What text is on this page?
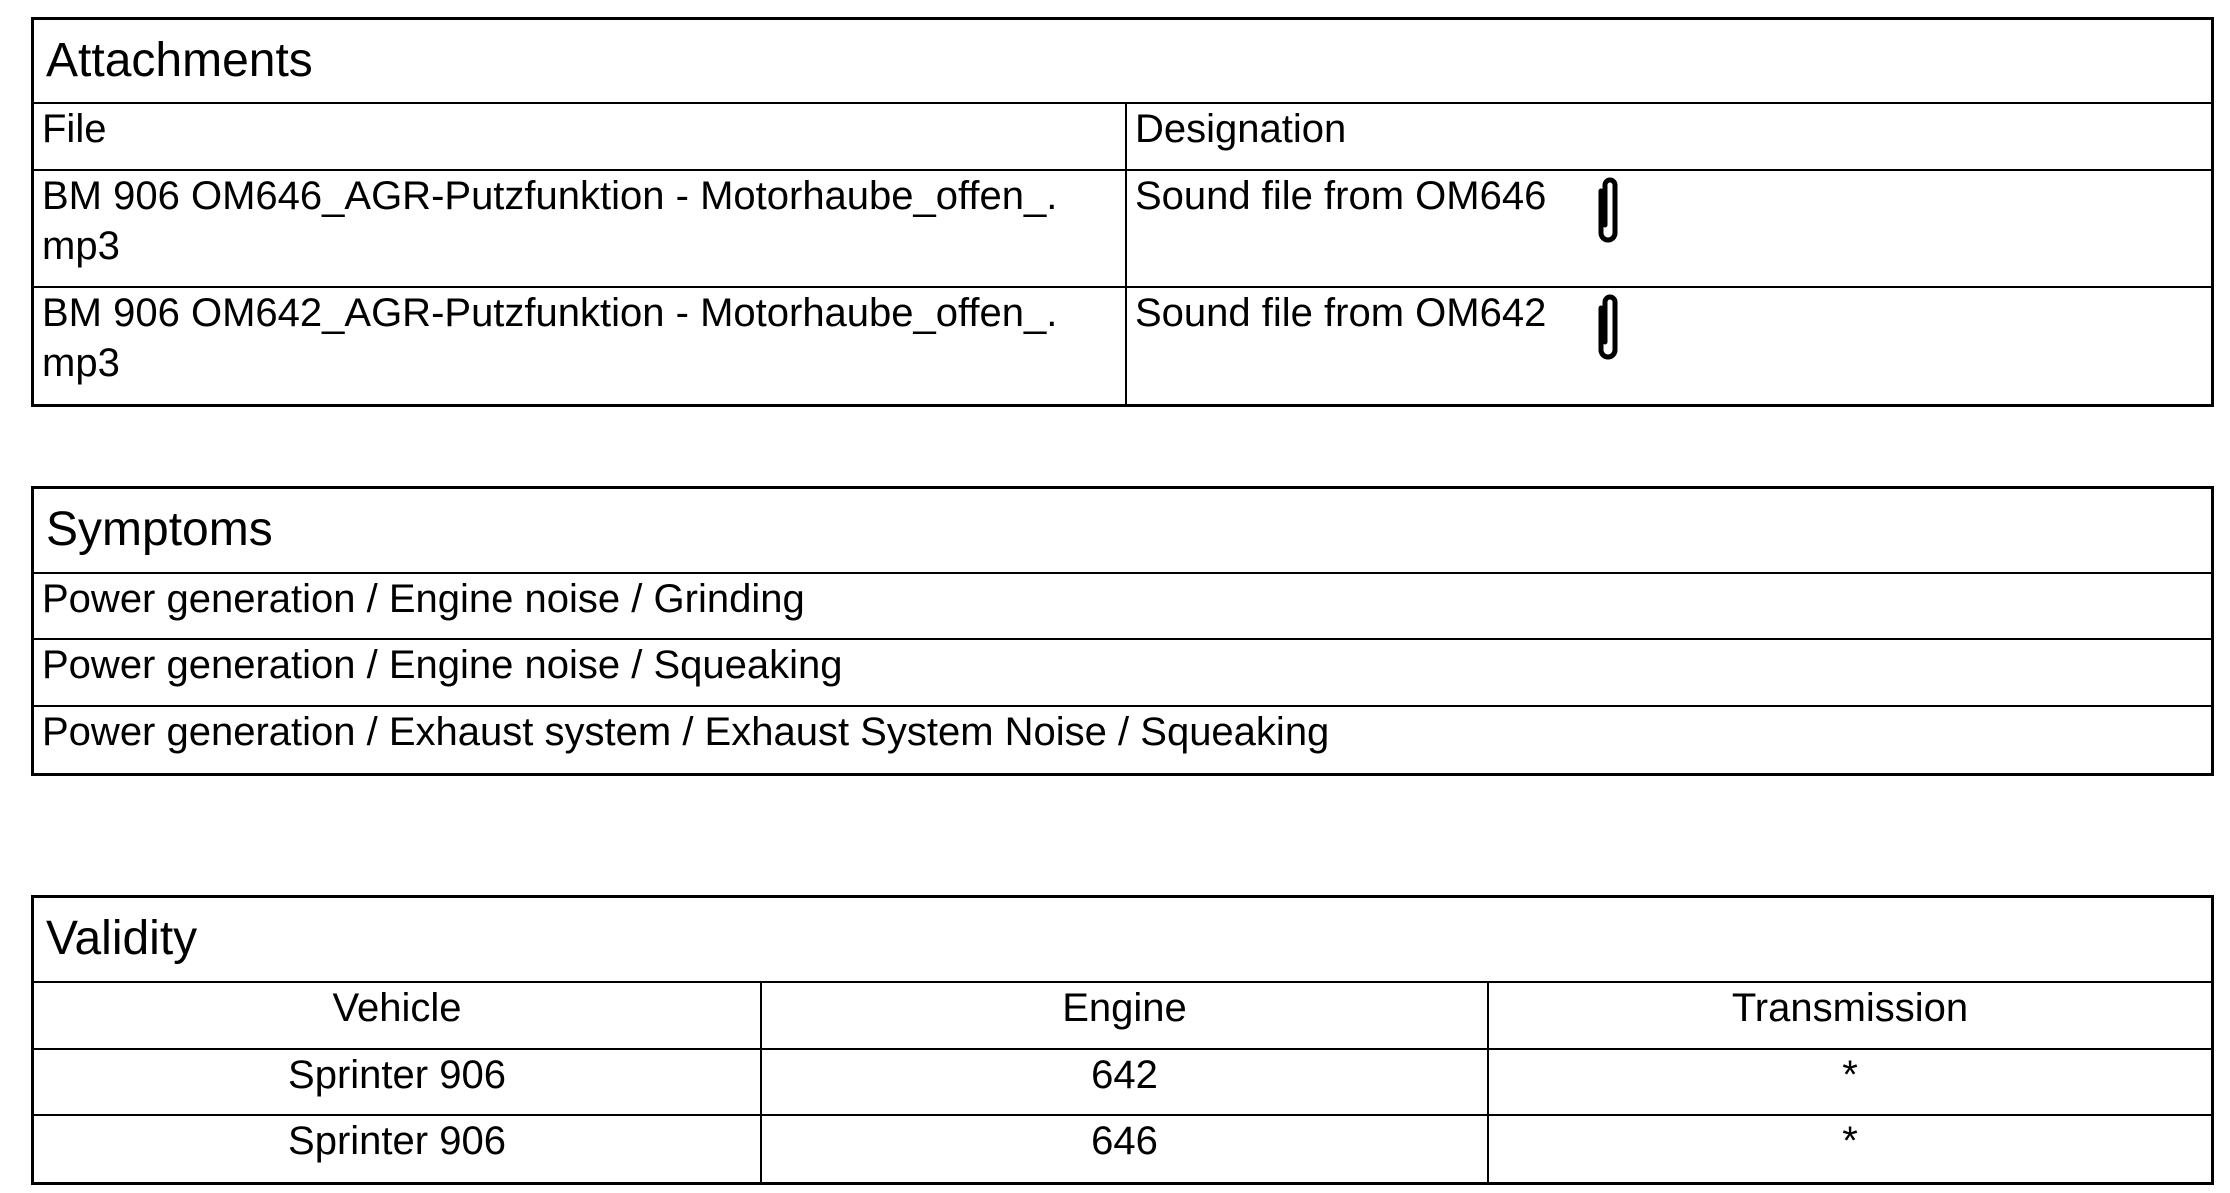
Attachments	
File	Designation

BM 906 OM646_AGR-Putzfunktion - Motorhaube_offen_.
mp3	Sound file from OM646

BM 906 OM642_AGR-Putzfunktion - Motorhaube_offen_.
mp3	Sound file from OM642
Symptoms
Power generation / Engine noise / Grinding
Power generation / Engine noise / Squeaking
Power generation / Exhaust system / Exhaust System Noise / Squeaking
Validity		
Vehicle	Engine	Transmission
Sprinter 906	642	*
Sprinter 906	646	*
